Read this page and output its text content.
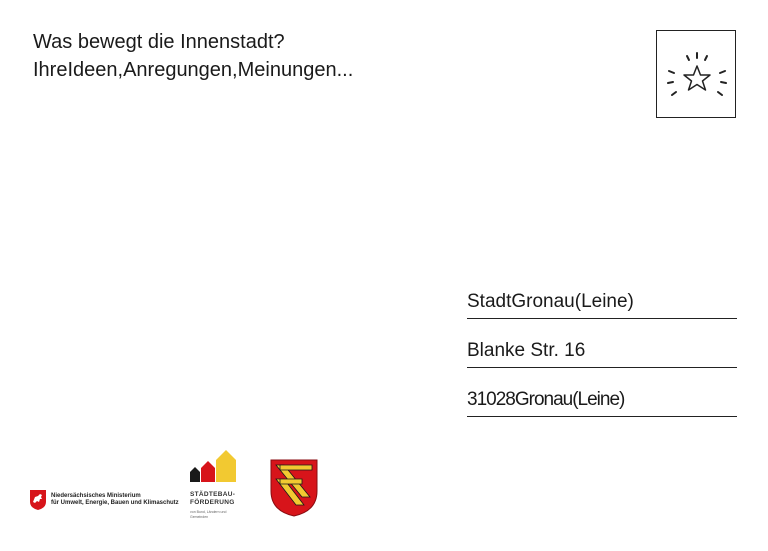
Was bewegt die Innenstadt?
IhreIdeen,Anregungen,Meinungen...
StadtGronau(Leine)
Blanke Str. 16
31028Gronau(Leine)
Niedersächsisches Ministerium
für Umwelt, Energie, Bauen und Klimaschutz
STÄDTEBAU-
FÖRDERUNG
von Bund, Ländern und
Gemeinden
